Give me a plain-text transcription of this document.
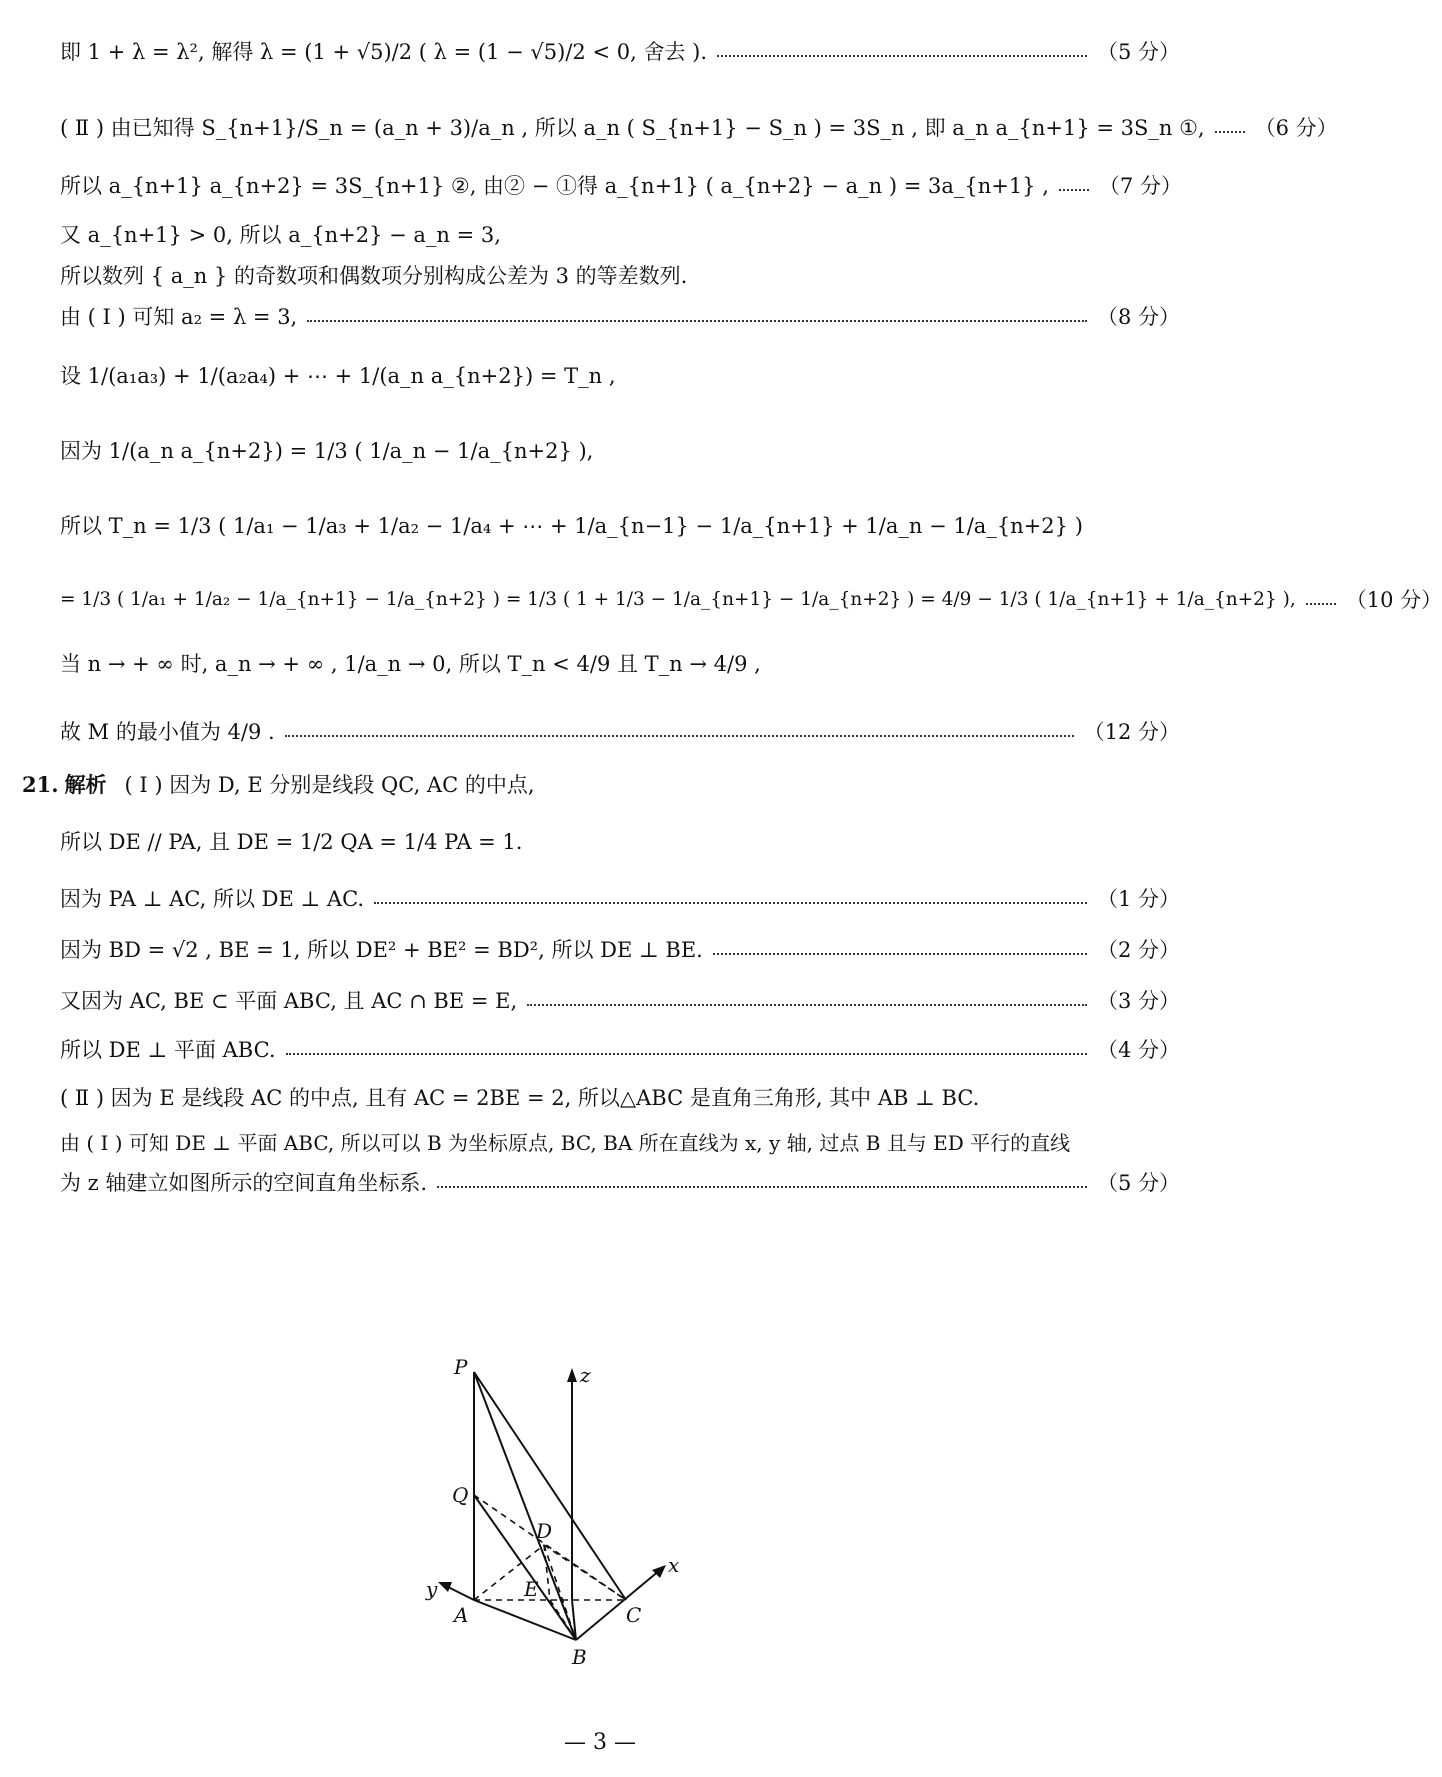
即 1 + λ = λ², 解得 λ = (1 + √5)/2 ( λ = (1 − √5)/2 < 0, 舍去 ).	（5 分）
( Ⅱ ) 由已知得 S_{n+1}/S_n = (a_n + 3)/a_n , 所以 a_n ( S_{n+1} − S_n ) = 3S_n , 即 a_n a_{n+1} = 3S_n ①, （6 分）
所以 a_{n+1} a_{n+2} = 3S_{n+1} ②, 由② − ①得 a_{n+1} ( a_{n+2} − a_n ) = 3a_{n+1} , （7 分）
又 a_{n+1} > 0, 所以 a_{n+2} − a_n = 3,
所以数列 { a_n } 的奇数项和偶数项分别构成公差为 3 的等差数列.
由 ( Ⅰ ) 可知 a₂ = λ = 3,	（8 分）
设 1/(a₁a₃) + 1/(a₂a₄) + ⋯ + 1/(a_n a_{n+2}) = T_n ,
因为 1/(a_n a_{n+2}) = 1/3 ( 1/a_n − 1/a_{n+2} ),
所以 T_n = 1/3 ( 1/a₁ − 1/a₃ + 1/a₂ − 1/a₄ + ⋯ + 1/a_{n−1} − 1/a_{n+1} + 1/a_n − 1/a_{n+2} )
= 1/3 ( 1/a₁ + 1/a₂ − 1/a_{n+1} − 1/a_{n+2} ) = 1/3 ( 1 + 1/3 − 1/a_{n+1} − 1/a_{n+2} ) = 4/9 − 1/3 ( 1/a_{n+1} + 1/a_{n+2} ), （10 分）
当 n → + ∞ 时, a_n → + ∞ , 1/a_n → 0, 所以 T_n < 4/9 且 T_n → 4/9 ,
故 M 的最小值为 4/9 .	（12 分）
21. 解析 ( Ⅰ ) 因为 D, E 分别是线段 QC, AC 的中点,
所以 DE // PA, 且 DE = 1/2 QA = 1/4 PA = 1.
因为 PA ⊥ AC, 所以 DE ⊥ AC.	（1 分）
因为 BD = √2 , BE = 1, 所以 DE² + BE² = BD², 所以 DE ⊥ BE.	（2 分）
又因为 AC, BE ⊂ 平面 ABC, 且 AC ∩ BE = E,	（3 分）
所以 DE ⊥ 平面 ABC.	（4 分）
( Ⅱ ) 因为 E 是线段 AC 的中点, 且有 AC = 2BE = 2, 所以△ABC 是直角三角形, 其中 AB ⊥ BC.
由 ( Ⅰ ) 可知 DE ⊥ 平面 ABC, 所以可以 B 为坐标原点, BC, BA 所在直线为 x, y 轴, 过点 B 且与 ED 平行的直线
为 z 轴建立如图所示的空间直角坐标系.	（5 分）
P
Q
D
E
A
B
C
x
y
z
— 3 —
